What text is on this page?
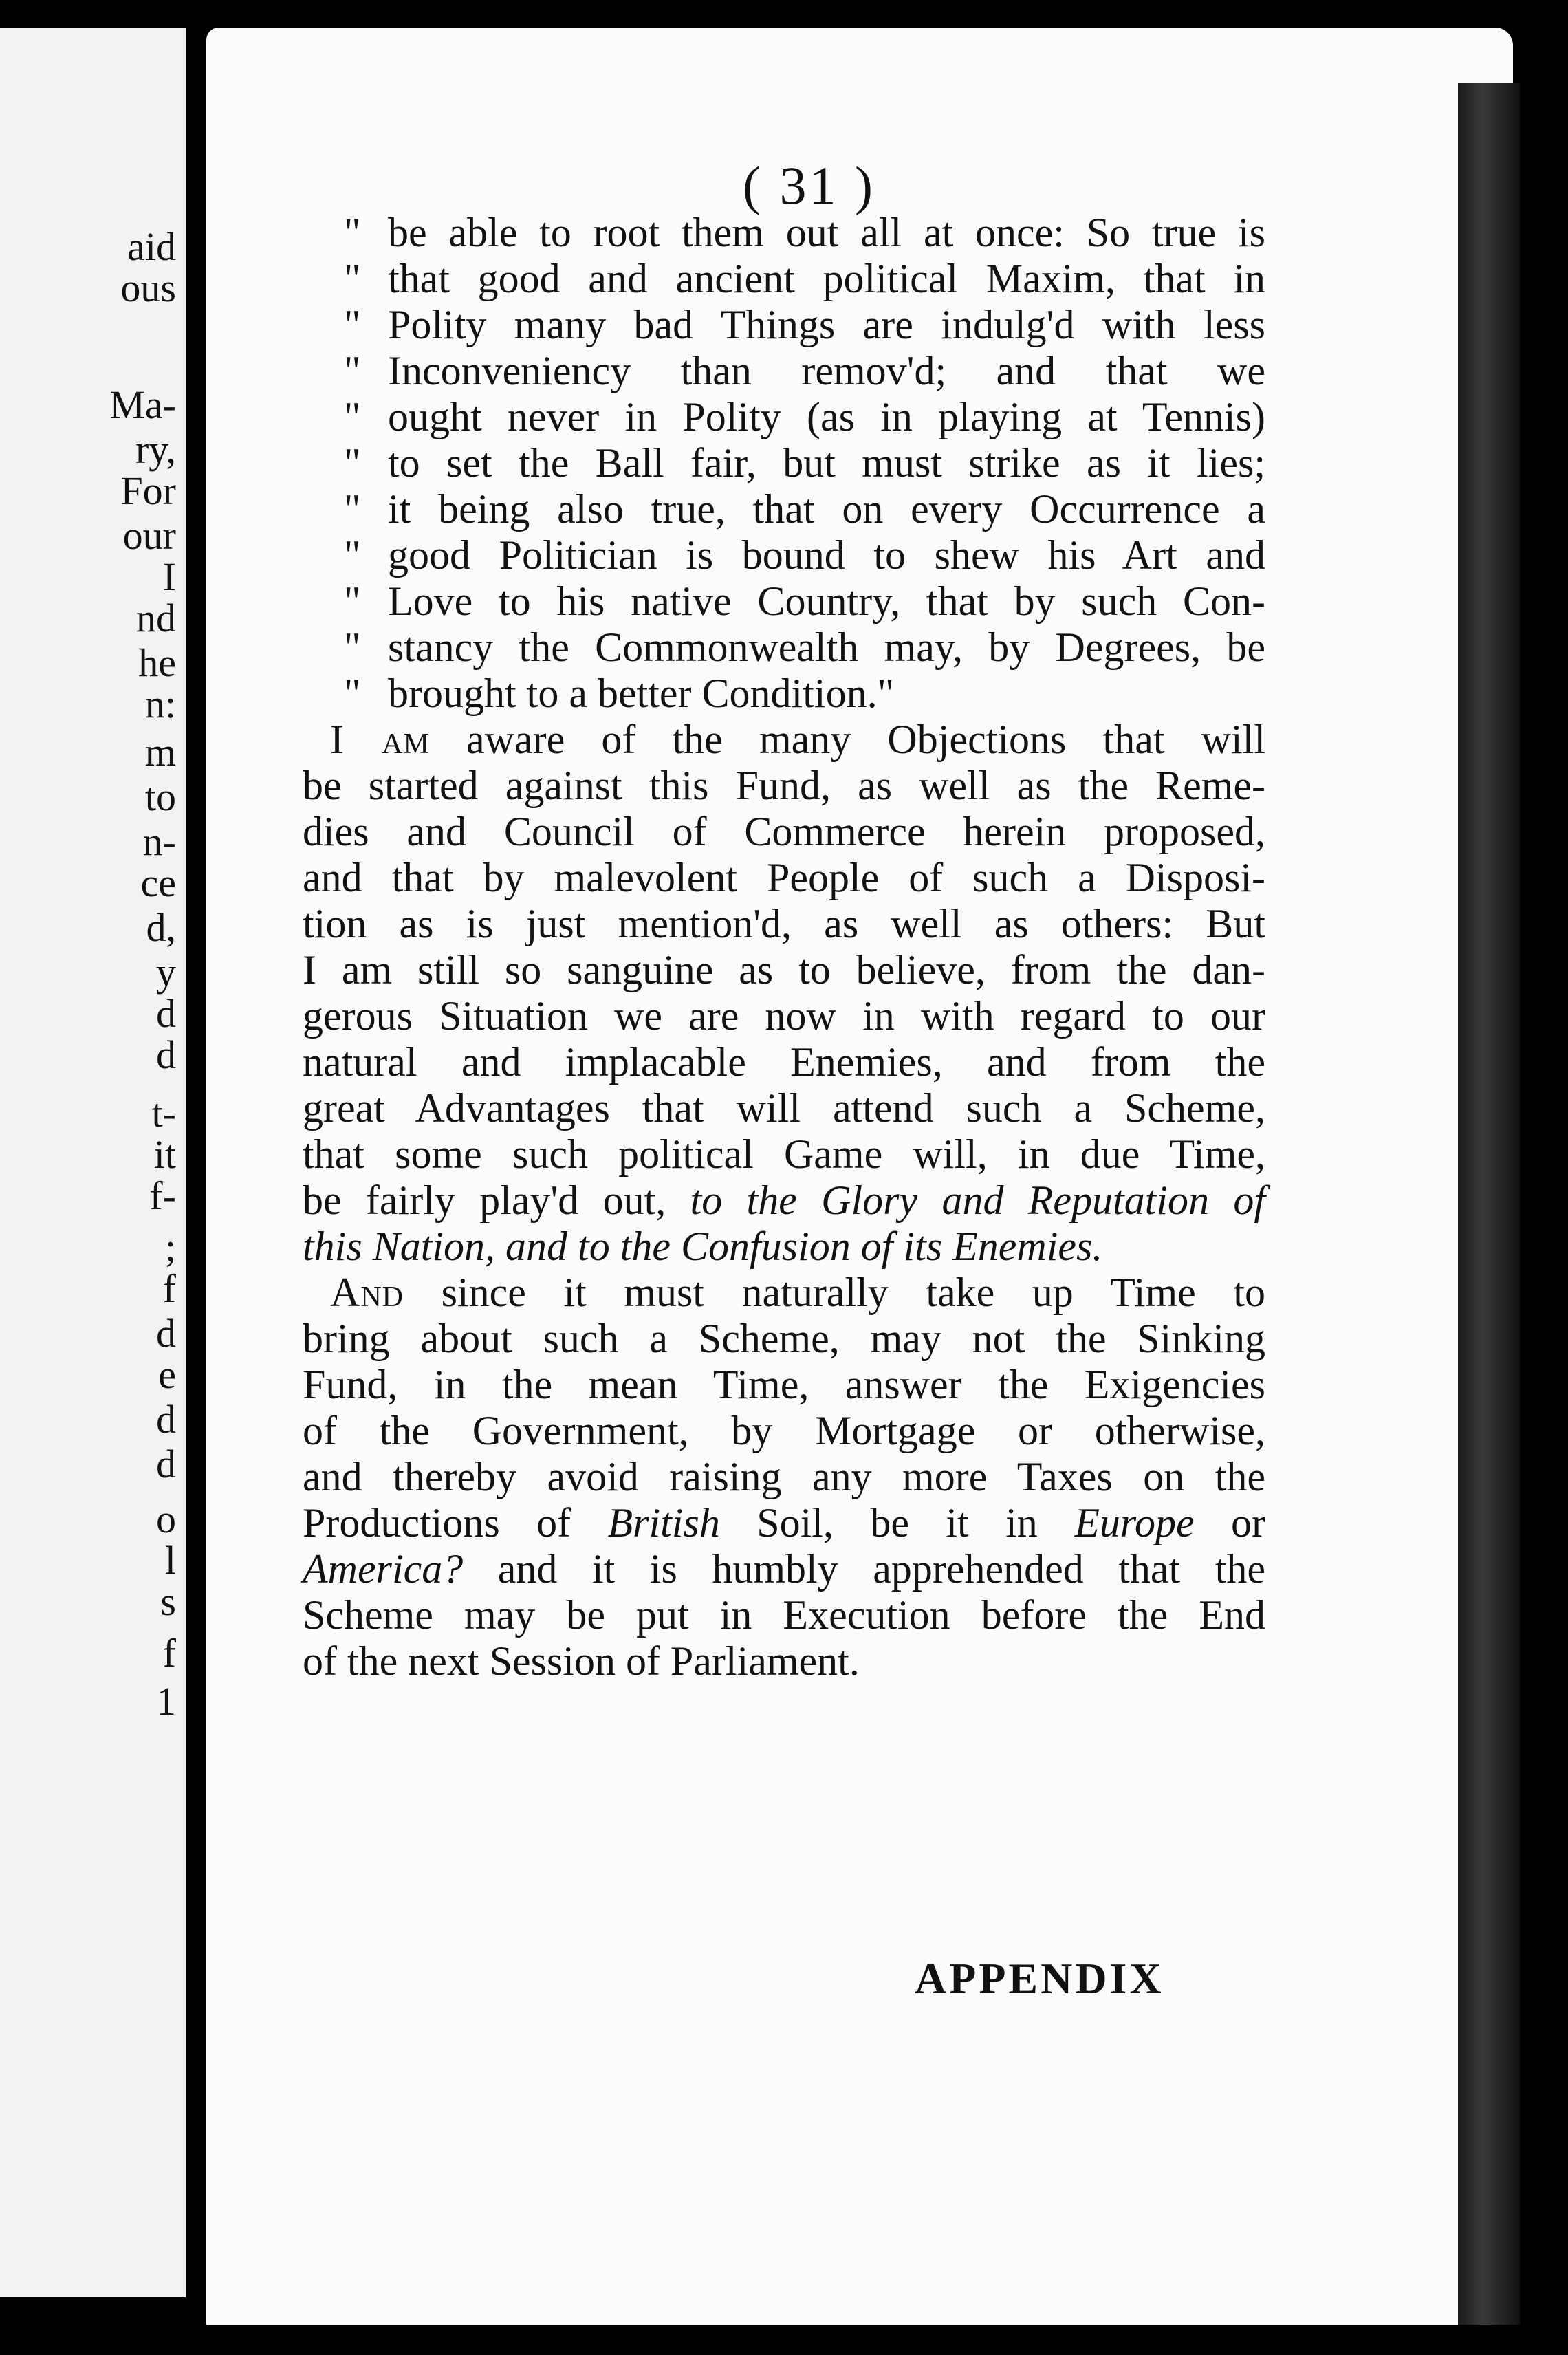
aid
ous
Ma-
ry,
For
our
I
nd
he
n:
m
to
n-
ce
d,
y
d
d
t-
it
f-
;
f
d
e
d
d
o
l
s
f
1
( 31 )
" be able to root them out all at once: So true is
" that good and ancient political Maxim, that in
" Polity many bad Things are indulg'd with less
" Inconveniency than remov'd; and that we
" ought never in Polity (as in playing at Tennis)
" to set the Ball fair, but must strike as it lies;
" it being also true, that on every Occurrence a
" good Politician is bound to shew his Art and
" Love to his native Country, that by such Con-
" stancy the Commonwealth may, by Degrees, be
" brought to a better Condition."
I am aware of the many Objections that will
be started against this Fund, as well as the Reme-
dies and Council of Commerce herein proposed,
and that by malevolent People of such a Disposi-
tion as is just mention'd, as well as others: But
I am still so sanguine as to believe, from the dan-
gerous Situation we are now in with regard to our
natural and implacable Enemies, and from the
great Advantages that will attend such a Scheme,
that some such political Game will, in due Time,
be fairly play'd out, to the Glory and Reputation of
this Nation, and to the Confusion of its Enemies.
And since it must naturally take up Time to
bring about such a Scheme, may not the Sinking
Fund, in the mean Time, answer the Exigencies
of the Government, by Mortgage or otherwise,
and thereby avoid raising any more Taxes on the
Productions of British Soil, be it in Europe or
America? and it is humbly apprehended that the
Scheme may be put in Execution before the End
of the next Session of Parliament.
APPENDIX
